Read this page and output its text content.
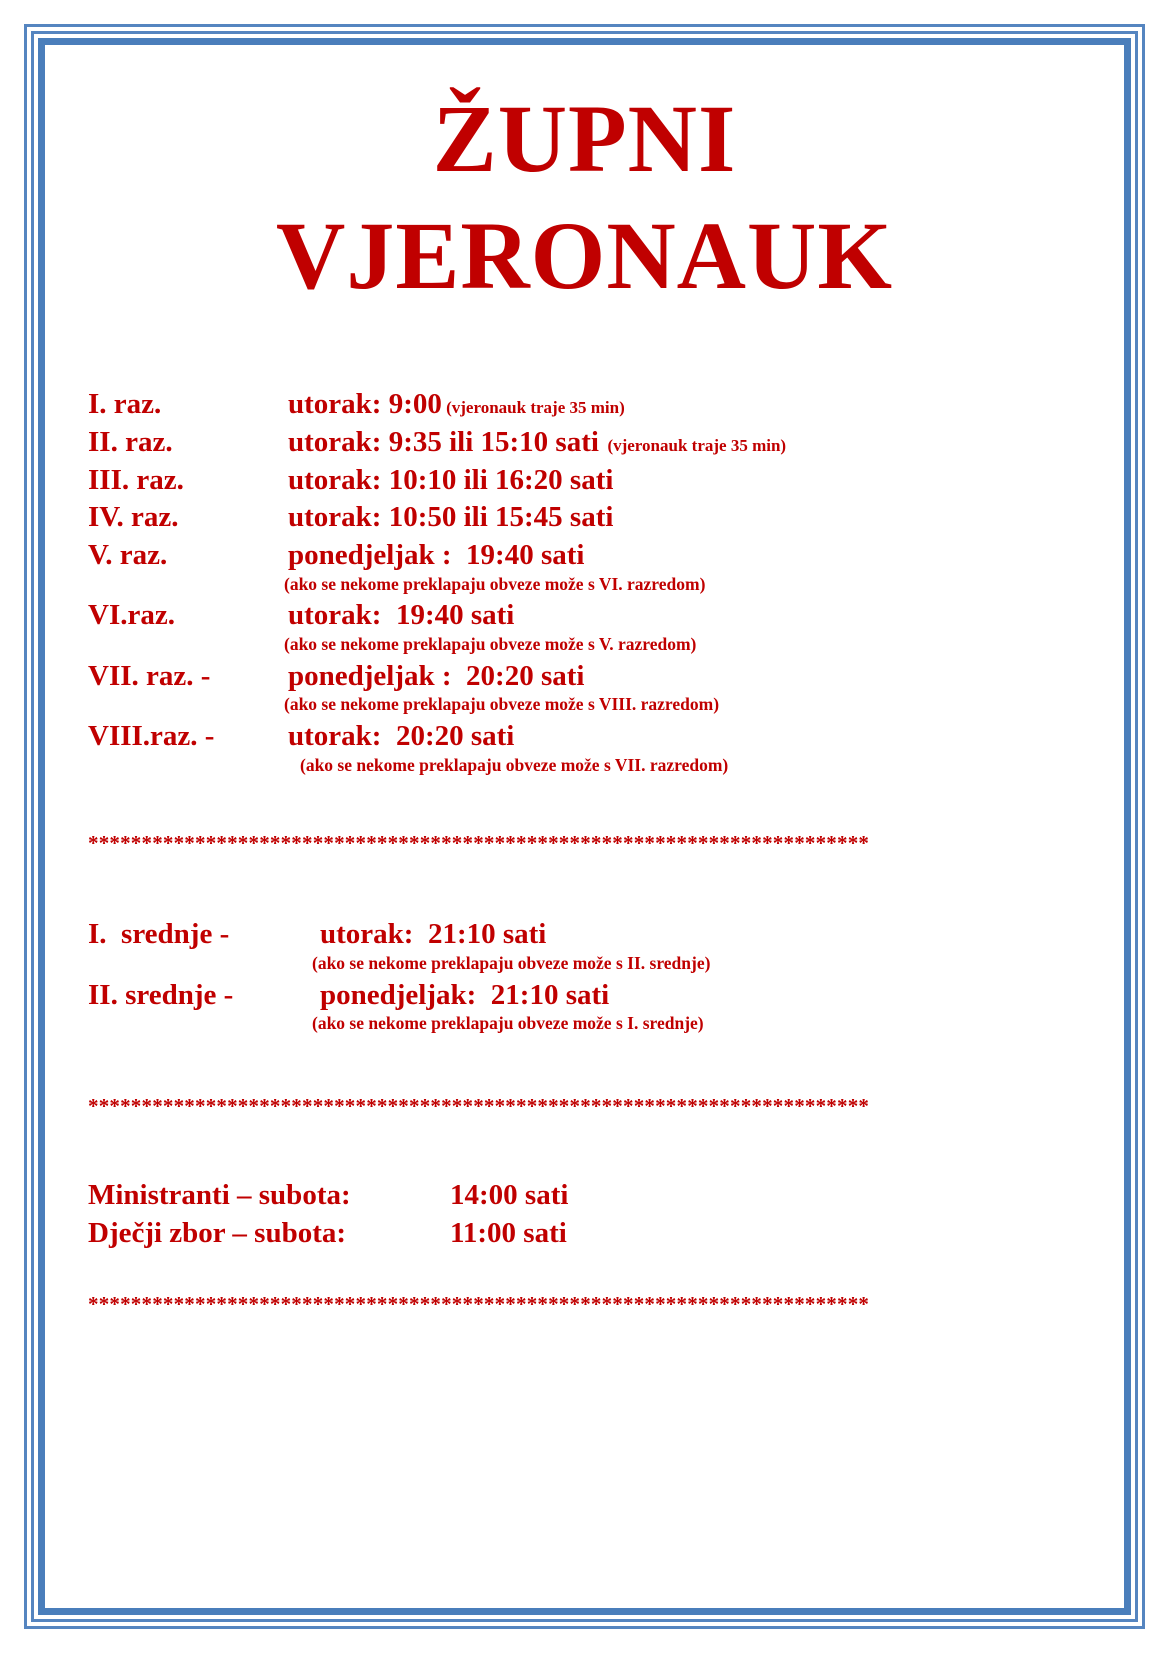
ŽUPNI
VJERONAUK
I. raz.	utorak: 9:00 (vjeronauk traje 35 min)
II. raz.	utorak: 9:35 ili 15:10 sati (vjeronauk traje 35 min)
III. raz.	utorak: 10:10 ili 16:20 sati
IV. raz.	utorak: 10:50 ili 15:45 sati
V. raz.	ponedjeljak :  19:40 sati
(ako se nekome preklapaju obveze može s VI. razredom)
VI.raz.	utorak:  19:40 sati
(ako se nekome preklapaju obveze može s V. razredom)
VII. raz. -	ponedjeljak :  20:20 sati
(ako se nekome preklapaju obveze može s VIII. razredom)
VIII.raz. -	utorak:  20:20 sati
(ako se nekome preklapaju obveze može s VII. razredom)
*************************************************************************
I.  srednje -	utorak:  21:10 sati
(ako se nekome preklapaju obveze može s II. srednje)
II. srednje -	ponedjeljak:  21:10 sati
(ako se nekome preklapaju obveze može s I. srednje)
*************************************************************************
Ministranti – subota:	14:00 sati
Dječji zbor – subota:	11:00 sati
*************************************************************************
